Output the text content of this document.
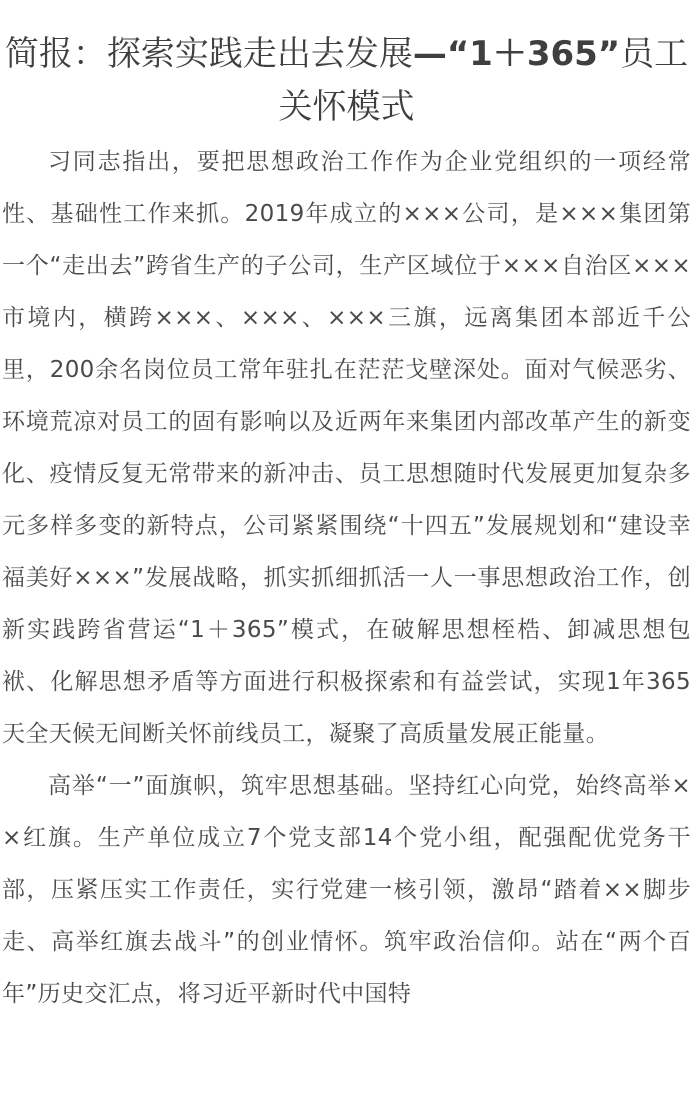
简报：探索实践走出去发展—“1＋365”员工关怀模式

习同志指出，要把思想政治工作作为企业党组织的一项经常性、基础性工作来抓。2019年成立的×××公司，是×××集团第一个“走出去”跨省生产的子公司，生产区域位于×××自治区×××市境内，横跨×××、×××、×××三旗，远离集团本部近千公里，200余名岗位员工常年驻扎在茫茫戈壁深处。面对气候恶劣、环境荒凉对员工的固有影响以及近两年来集团内部改革产生的新变化、疫情反复无常带来的新冲击、员工思想随时代发展更加复杂多元多样多变的新特点，公司紧紧围绕“十四五”发展规划和“建设幸福美好×××”发展战略，抓实抓细抓活一人一事思想政治工作，创新实践跨省营运“1＋365”模式，在破解思想桎梏、卸减思想包袱、化解思想矛盾等方面进行积极探索和有益尝试，实现1年365天全天候无间断关怀前线员工，凝聚了高质量发展正能量。

高举“一”面旗帜，筑牢思想基础。坚持红心向党，始终高举××红旗。生产单位成立7个党支部14个党小组，配强配优党务干部，压紧压实工作责任，实行党建一核引领，激昂“踏着××脚步走、高举红旗去战斗”的创业情怀。筑牢政治信仰。站在“两个百年”历史交汇点，将习近平新时代中国特
